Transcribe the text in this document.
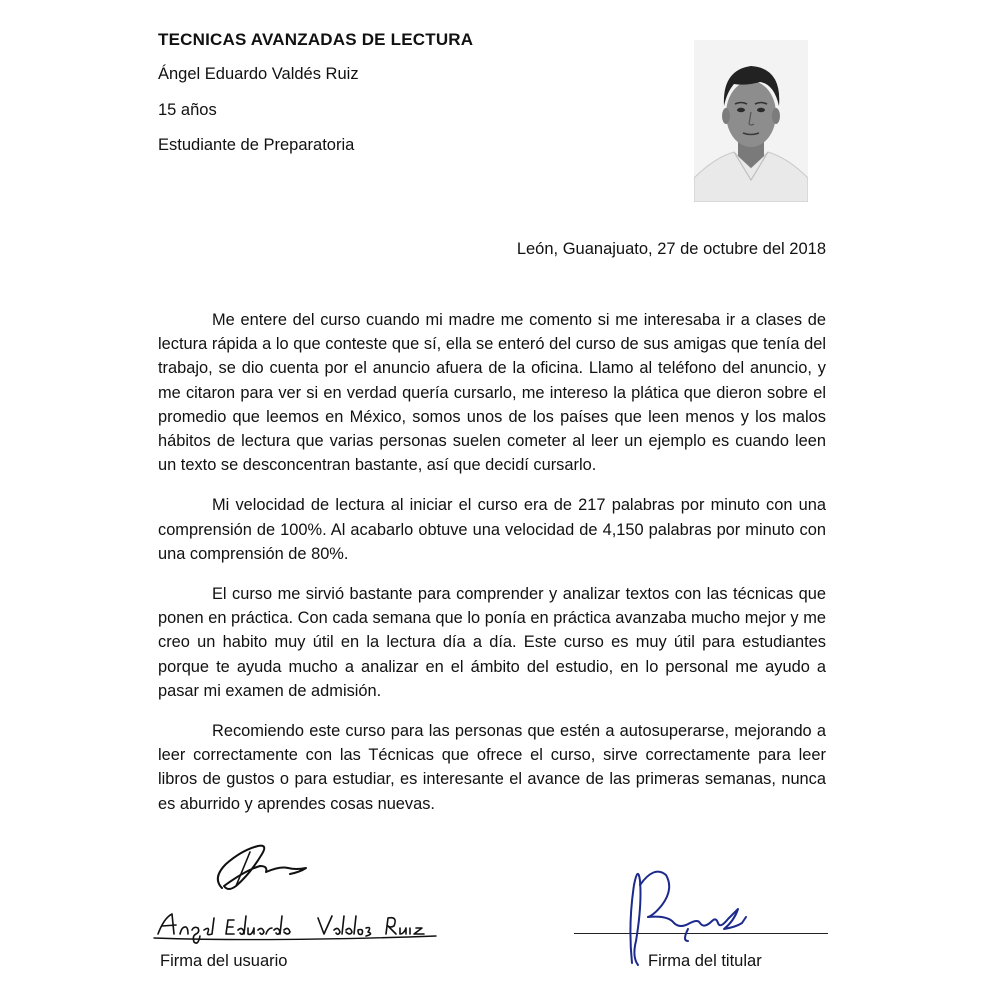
TECNICAS AVANZADAS DE LECTURA
Ángel Eduardo Valdés Ruiz
15 años
Estudiante de Preparatoria
León, Guanajuato, 27 de octubre del 2018

Me entere del curso cuando mi madre me comento si me interesaba ir a clases de lectura rápida a lo que conteste que sí, ella se enteró del curso de sus amigas que tenía del trabajo, se dio cuenta por el anuncio afuera de la oficina. Llamo al teléfono del anuncio, y me citaron para ver si en verdad quería cursarlo, me intereso la plática que dieron sobre el promedio que leemos en México, somos unos de los países que leen menos y los malos hábitos de lectura que varias personas suelen cometer al leer un ejemplo es cuando leen un texto se desconcentran bastante, así que decidí cursarlo.

Mi velocidad de lectura al iniciar el curso era de 217 palabras por minuto con una comprensión de 100%. Al acabarlo obtuve una velocidad de 4,150 palabras por minuto con una comprensión de 80%.

El curso me sirvió bastante para comprender y analizar textos con las técnicas que ponen en práctica. Con cada semana que lo ponía en práctica avanzaba mucho mejor y me creo un habito muy útil en la lectura día a día. Este curso es muy útil para estudiantes porque te ayuda mucho a analizar en el ámbito del estudio, en lo personal me ayudo a pasar mi examen de admisión.

Recomiendo este curso para las personas que estén a autosuperarse, mejorando a leer correctamente con las Técnicas que ofrece el curso, sirve correctamente para leer libros de gustos o para estudiar, es interesante el avance de las primeras semanas, nunca es aburrido y aprendes cosas nuevas.

Firma del usuario	Firma del titular
